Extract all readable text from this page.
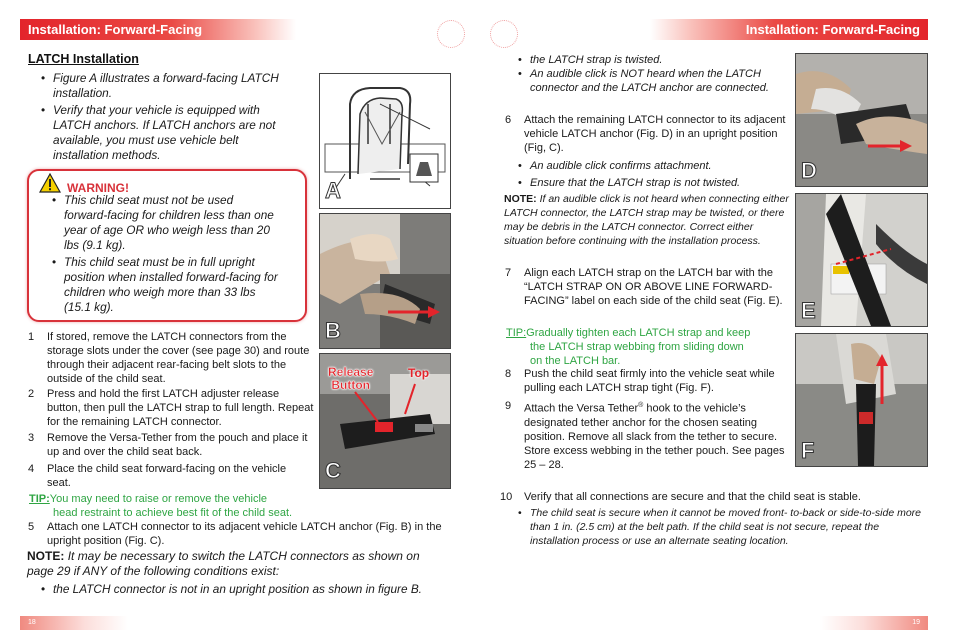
Installation: Forward-Facing	Installation: Forward-Facing
LATCH Installation
• Figure A illustrates a forward-facing LATCH installation.
• Verify that your vehicle is equipped with LATCH anchors. If LATCH anchors are not available, you must use vehicle belt installation methods.
WARNING!
• This child seat must not be used forward-facing for children less than one year of age OR who weigh less than 20 lbs (9.1 kg).
• This child seat must be in full upright position when installed forward-facing for children who weigh more than 33 lbs (15.1 kg).
1 If stored, remove the LATCH connectors from the storage slots under the cover (see page 30) and route through their adjacent rear-facing belt slots to the outside of the child seat.
2 Press and hold the first LATCH adjuster release button, then pull the LATCH strap to full length. Repeat for the remaining LATCH connector.
3 Remove the Versa-Tether from the pouch and place it up and over the child seat back.
4 Place the child seat forward-facing on the vehicle seat.
TIP:You may need to raise or remove the vehicle
head restraint to achieve best fit of the child seat.
5 Attach one LATCH connector to its adjacent vehicle LATCH anchor (Fig. B) in the upright position (Fig. C).
NOTE: It may be necessary to switch the LATCH connectors as shown on page 29 if ANY of the following conditions exist:
• the LATCH connector is not in an upright position as shown in figure B.
A
B
Release
Button
Top
C
• the LATCH strap is twisted.
• An audible click is NOT heard when the LATCH connector and the LATCH anchor are connected.
6 Attach the remaining LATCH connector to its adjacent vehicle LATCH anchor (Fig. D) in an upright position (Fig, C).
• An audible click confirms attachment.
• Ensure that the LATCH strap is not twisted.
NOTE: If an audible click is not heard when connecting either LATCH connector, the LATCH strap may be twisted, or there may be debris in the LATCH connector. Correct either situation before continuing with the installation process.
7 Align each LATCH strap on the LATCH bar with the “LATCH STRAP ON OR ABOVE LINE FORWARD-FACING” label on each side of the child seat (Fig. E).
TIP:Gradually tighten each LATCH strap and keep
the LATCH strap webbing from sliding down
on the LATCH bar.
8 Push the child seat firmly into the vehicle seat while pulling each LATCH strap tight (Fig. F).
9 Attach the Versa Tether® hook to the vehicle’s designated tether anchor for the chosen seating position. Remove all slack from the tether to secure. Store excess webbing in the tether pouch. See pages 25 – 28.
10 Verify that all connections are secure and that the child seat is stable.
• The child seat is secure when it cannot be moved front- to-back or side-to-side more than 1 in. (2.5 cm) at the belt path. If the child seat is not secure, repeat the installation process or use an alternate seating location.
D
E
F
18	19
